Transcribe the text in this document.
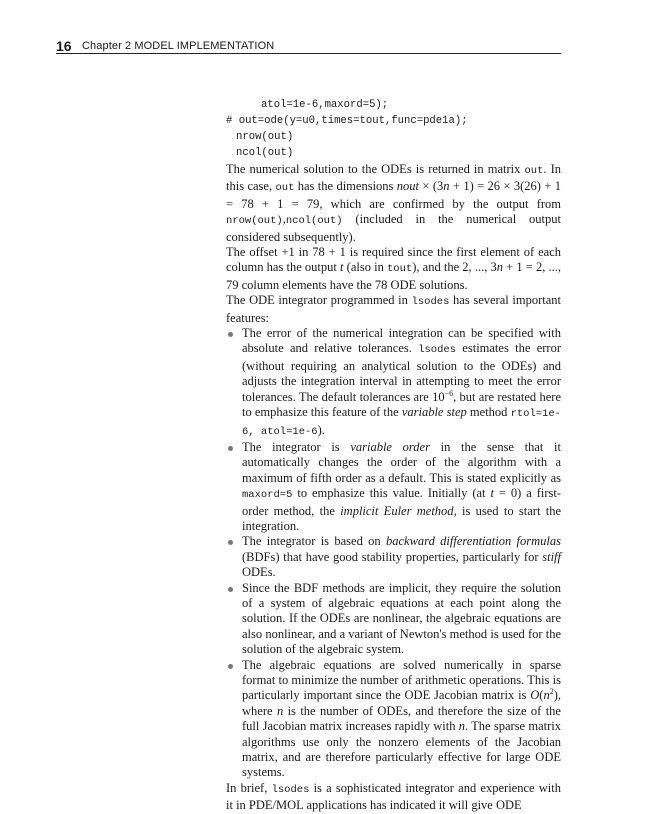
16 Chapter 2 MODEL IMPLEMENTATION
atol=1e-6,maxord=5);
# out=ode(y=u0,times=tout,func=pde1a);
nrow(out)
ncol(out)

The numerical solution to the ODEs is returned in matrix out. In this case, out has the dimensions nout × (3n + 1) = 26 × 3(26) + 1 = 78 + 1 = 79, which are confirmed by the output from nrow(out),ncol(out) (included in the numerical output considered subsequently).

The offset +1 in 78 + 1 is required since the first element of each column has the output t (also in tout), and the 2, ..., 3n + 1 = 2, ..., 79 column elements have the 78 ODE solutions.

The ODE integrator programmed in lsodes has several important features:

The error of the numerical integration can be specified with absolute and relative tolerances. lsodes estimates the error (without requiring an analytical solution to the ODEs) and adjusts the integration interval in attempting to meet the error tolerances. The default tolerances are $10^{-6}$, but are restated here to emphasize this feature of the variable step method rtol=1e-6, atol=1e-6).
The integrator is variable order in the sense that it automatically changes the order of the algorithm with a maximum of fifth order as a default. This is stated explicitly as maxord=5 to emphasize this value. Initially (at t = 0) a first-order method, the implicit Euler method, is used to start the integration.
The integrator is based on backward differentiation formulas (BDFs) that have good stability properties, particularly for stiff ODEs.
Since the BDF methods are implicit, they require the solution of a system of algebraic equations at each point along the solution. If the ODEs are nonlinear, the algebraic equations are also nonlinear, and a variant of Newton's method is used for the solution of the algebraic system.
The algebraic equations are solved numerically in sparse format to minimize the number of arithmetic operations. This is particularly important since the ODE Jacobian matrix is $O(n^2)$, where n is the number of ODEs, and therefore the size of the full Jacobian matrix increases rapidly with n. The sparse matrix algorithms use only the nonzero elements of the Jacobian matrix, and are therefore particularly effective for large ODE systems.

In brief, lsodes is a sophisticated integrator and experience with it in PDE/MOL applications has indicated it will give ODE
